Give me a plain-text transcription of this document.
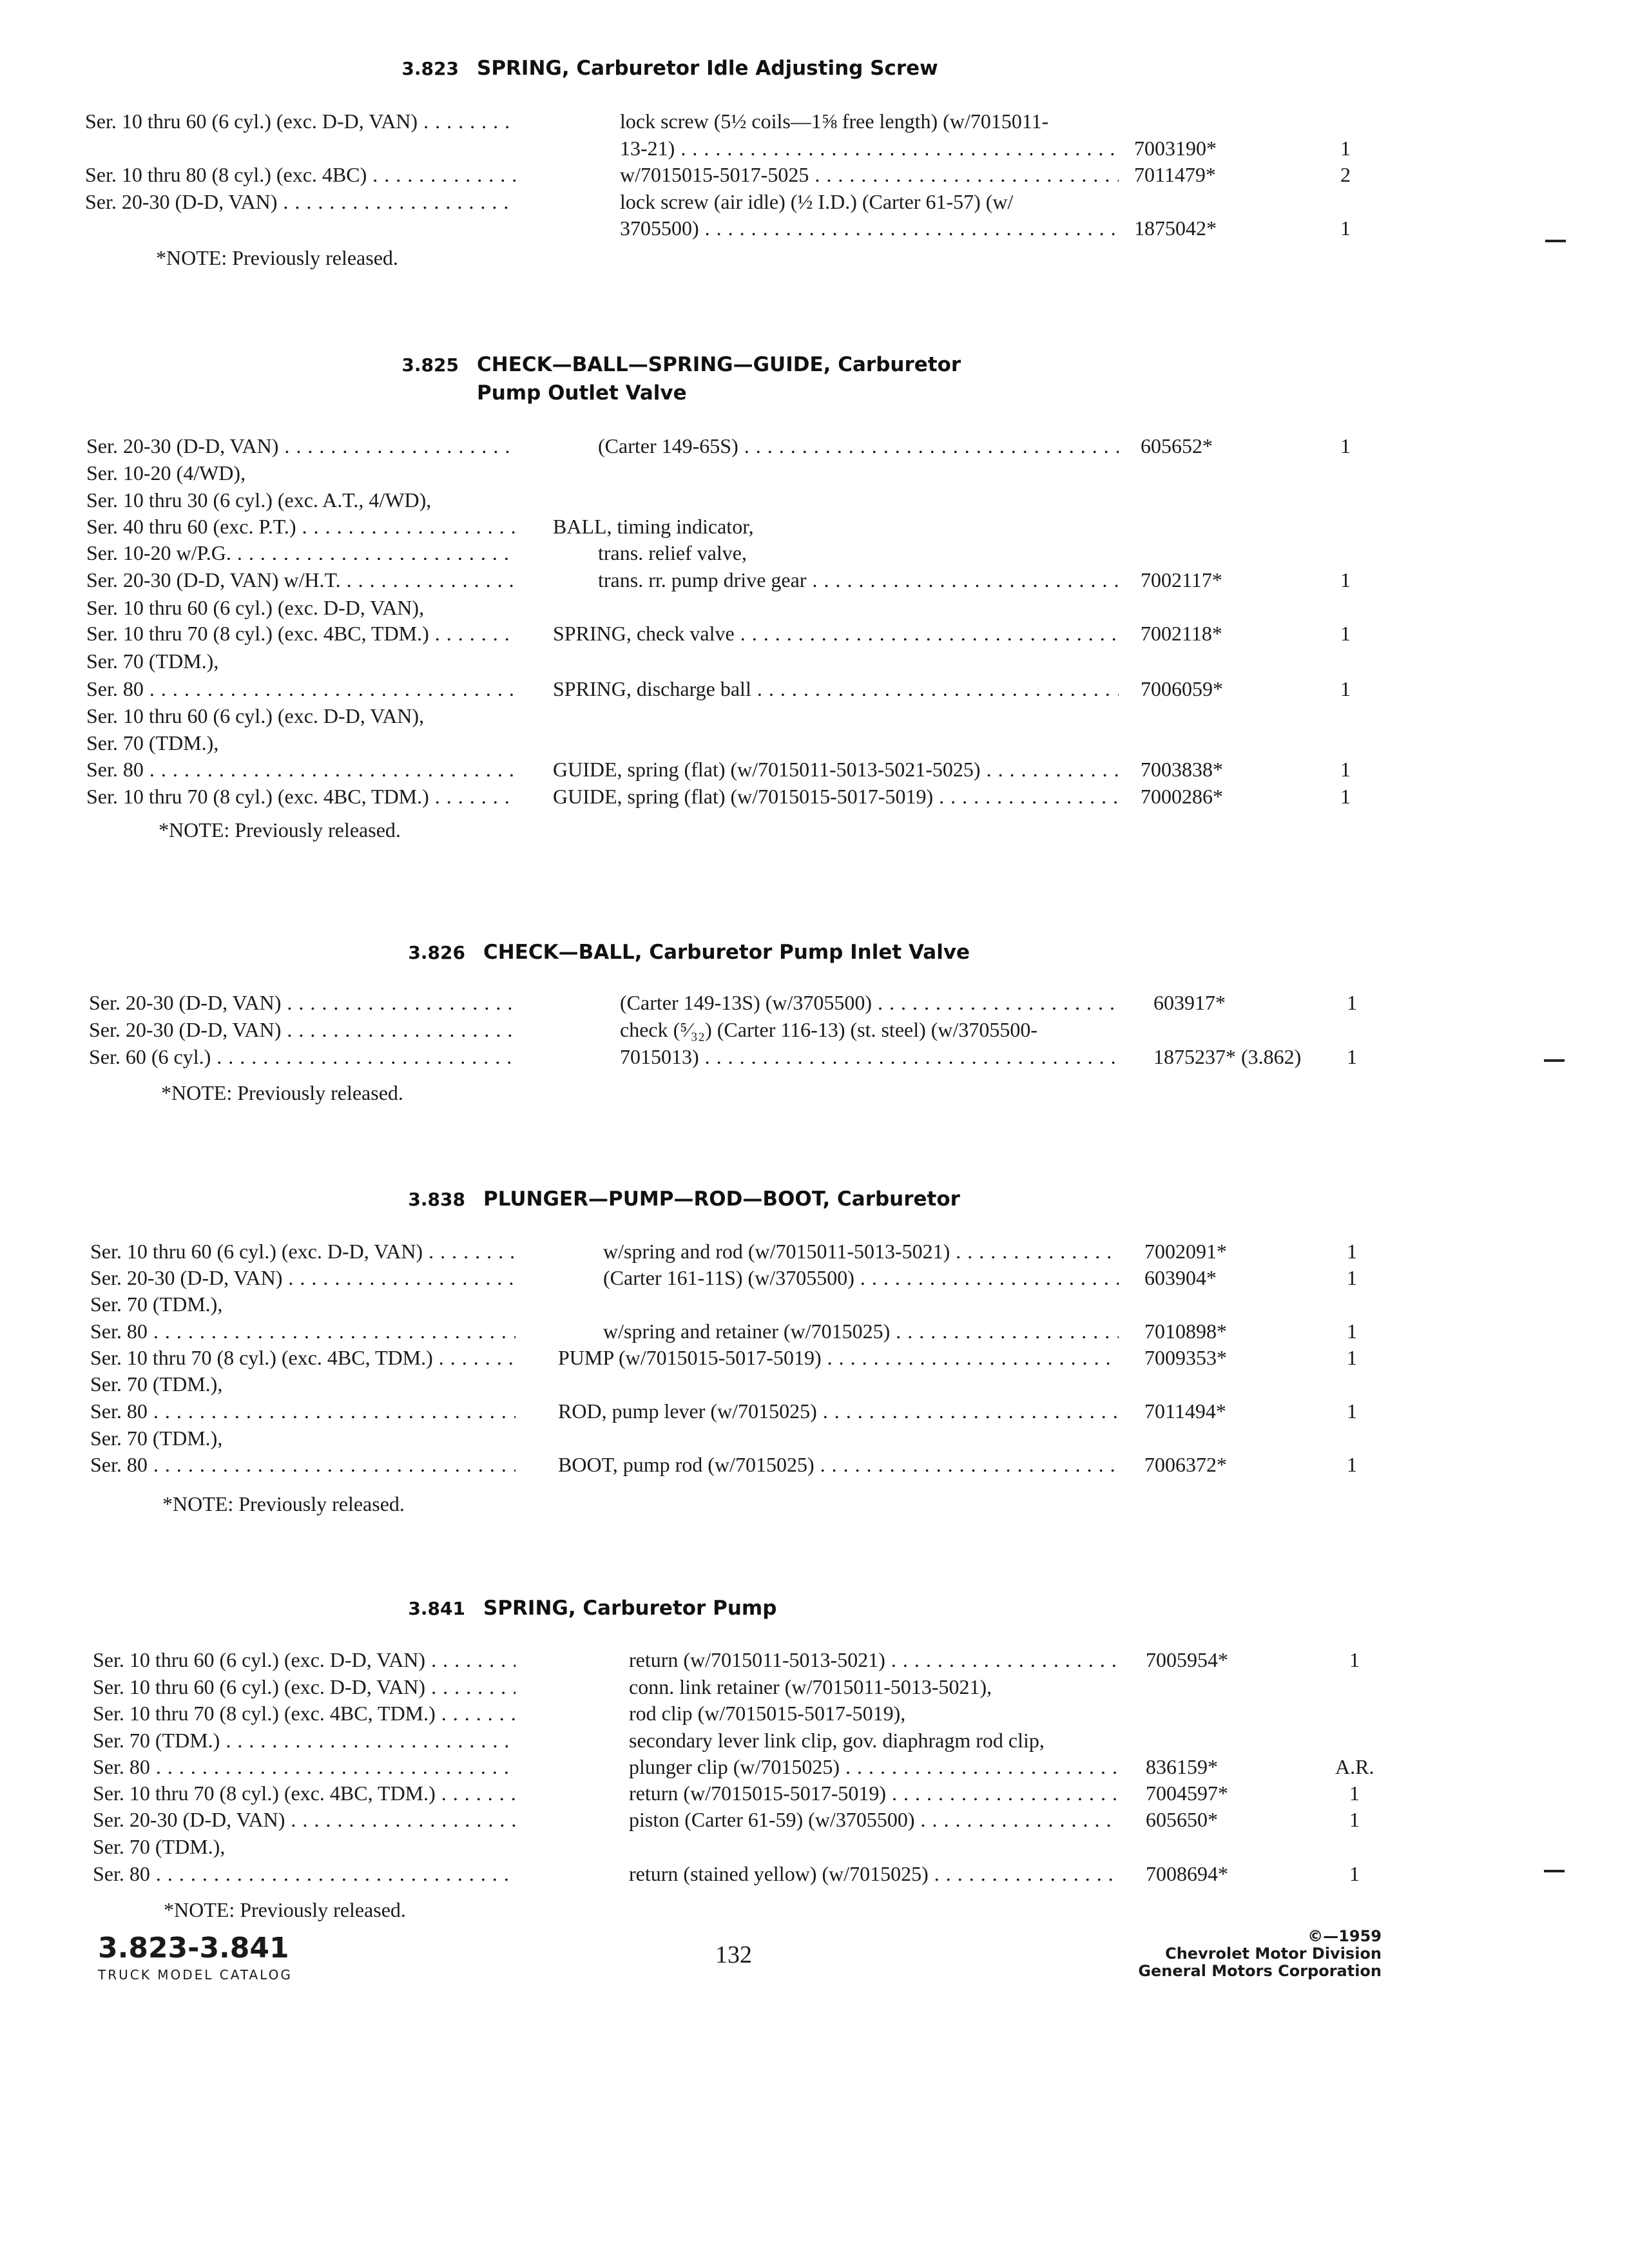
3.823 SPRING, Carburetor Idle Adjusting Screw
Ser. 10 thru 60 (6 cyl.) (exc. D-D, VAN) . . .	lock screw (5½ coils—1⅝ free length) (w/7015011-
13-21) . . .	7003190*	1
Ser. 10 thru 80 (8 cyl.) (exc. 4BC) . . .	w/7015015-5017-5025 . . .	7011479*	2
Ser. 20-30 (D-D, VAN) . . .	lock screw (air idle) (½ I.D.) (Carter 61-57) (w/
3705500) . . .	1875042*	1
*NOTE: Previously released.
3.825 CHECK—BALL—SPRING—GUIDE, Carburetor
Pump Outlet Valve
Ser. 20-30 (D-D, VAN) . . .	(Carter 149-65S) . . .	605652*	1
Ser. 10-20 (4/WD),
Ser. 10 thru 30 (6 cyl.) (exc. A.T., 4/WD),
Ser. 40 thru 60 (exc. P.T.) . . .	BALL, timing indicator,
Ser. 10-20 w/P.G. . . .	trans. relief valve,
Ser. 20-30 (D-D, VAN) w/H.T. . . .	trans. rr. pump drive gear . . .	7002117*	1
Ser. 10 thru 60 (6 cyl.) (exc. D-D, VAN),
Ser. 10 thru 70 (8 cyl.) (exc. 4BC, TDM.) . . .	SPRING, check valve . . .	7002118*	1
Ser. 70 (TDM.),
Ser. 80 . . .	SPRING, discharge ball . . .	7006059*	1
Ser. 10 thru 60 (6 cyl.) (exc. D-D, VAN),
Ser. 70 (TDM.),
Ser. 80 . . .	GUIDE, spring (flat) (w/7015011-5013-5021-5025) . . .	7003838*	1
Ser. 10 thru 70 (8 cyl.) (exc. 4BC, TDM.) . . .	GUIDE, spring (flat) (w/7015015-5017-5019) . . .	7000286*	1
*NOTE: Previously released.
3.826 CHECK—BALL, Carburetor Pump Inlet Valve
Ser. 20-30 (D-D, VAN) . . .	(Carter 149-13S) (w/3705500) . . .	603917*	1
Ser. 20-30 (D-D, VAN) . . .	check (⁵⁄₃₂) (Carter 116-13) (st. steel) (w/3705500-
Ser. 60 (6 cyl.) . . .	7015013) . . .	1875237* (3.862)	1
*NOTE: Previously released.
3.838 PLUNGER—PUMP—ROD—BOOT, Carburetor
Ser. 10 thru 60 (6 cyl.) (exc. D-D, VAN) . . .	w/spring and rod (w/7015011-5013-5021) . . .	7002091*	1
Ser. 20-30 (D-D, VAN) . . .	(Carter 161-11S) (w/3705500) . . .	603904*	1
Ser. 70 (TDM.),
Ser. 80 . . .	w/spring and retainer (w/7015025) . . .	7010898*	1
Ser. 10 thru 70 (8 cyl.) (exc. 4BC, TDM.) . . .	PUMP (w/7015015-5017-5019) . . .	7009353*	1
Ser. 70 (TDM.),
Ser. 80 . . .	ROD, pump lever (w/7015025) . . .	7011494*	1
Ser. 70 (TDM.),
Ser. 80 . . .	BOOT, pump rod (w/7015025) . . .	7006372*	1
*NOTE: Previously released.
3.841 SPRING, Carburetor Pump
Ser. 10 thru 60 (6 cyl.) (exc. D-D, VAN) . . .	return (w/7015011-5013-5021) . . .	7005954*	1
Ser. 10 thru 60 (6 cyl.) (exc. D-D, VAN) . . .	conn. link retainer (w/7015011-5013-5021),
Ser. 10 thru 70 (8 cyl.) (exc. 4BC, TDM.) . . .	rod clip (w/7015015-5017-5019),
Ser. 70 (TDM.) . . .	secondary lever link clip, gov. diaphragm rod clip,
Ser. 80 . . .	plunger clip (w/7015025) . . .	836159*	A.R.
Ser. 10 thru 70 (8 cyl.) (exc. 4BC, TDM.) . . .	return (w/7015015-5017-5019) . . .	7004597*	1
Ser. 20-30 (D-D, VAN) . . .	piston (Carter 61-59) (w/3705500) . . .	605650*	1
Ser. 70 (TDM.),
Ser. 80 . . .	return (stained yellow) (w/7015025) . . .	7008694*	1
*NOTE: Previously released.
3.823-3.841
TRUCK MODEL CATALOG
132
©—1959
Chevrolet Motor Division
General Motors Corporation
